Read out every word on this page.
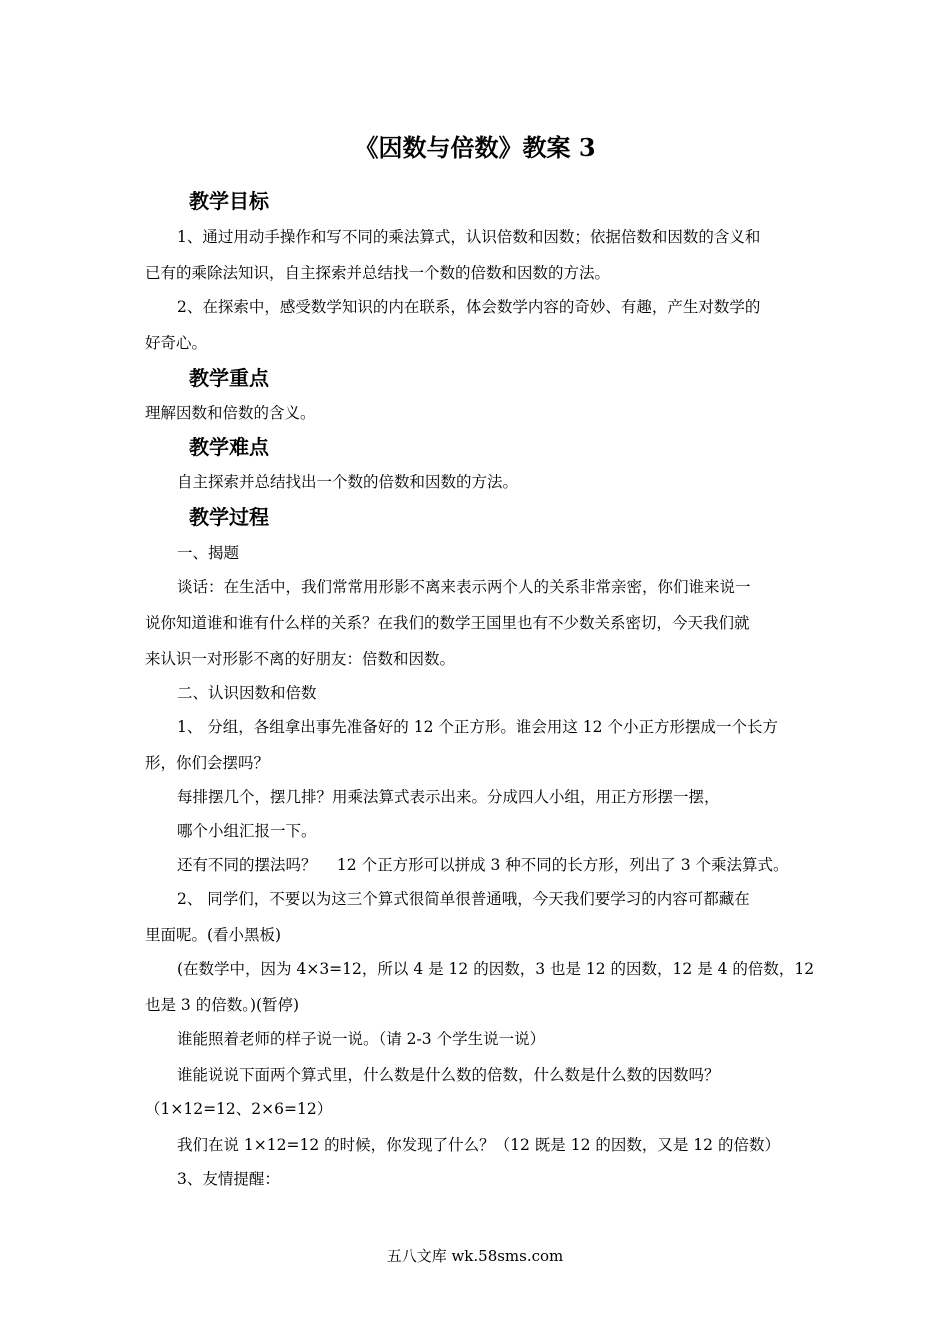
《因数与倍数》教案 3
教学目标

1、通过用动手操作和写不同的乘法算式，认识倍数和因数；依据倍数和因数的含义和

已有的乘除法知识，自主探索并总结找一个数的倍数和因数的方法。

2、在探索中，感受数学知识的内在联系，体会数学内容的奇妙、有趣，产生对数学的

好奇心。

教学重点

理解因数和倍数的含义。

教学难点

自主探索并总结找出一个数的倍数和因数的方法。

教学过程

一、揭题

谈话：在生活中，我们常常用形影不离来表示两个人的关系非常亲密，你们谁来说一

说你知道谁和谁有什么样的关系？在我们的数学王国里也有不少数关系密切，今天我们就

来认识一对形影不离的好朋友：倍数和因数。

二、认识因数和倍数

1、 分组，各组拿出事先准备好的 12 个正方形。谁会用这 12 个小正方形摆成一个长方

形，你们会摆吗？

每排摆几个，摆几排？用乘法算式表示出来。分成四人小组，用正方形摆一摆，

哪个小组汇报一下。

还有不同的摆法吗？　 12 个正方形可以拼成 3 种不同的长方形，列出了 3 个乘法算式。

2、 同学们，不要以为这三个算式很简单很普通哦，今天我们要学习的内容可都藏在

里面呢。(看小黑板)

(在数学中，因为 4×3=12，所以 4 是 12 的因数，3 也是 12 的因数，12 是 4 的倍数，12

也是 3 的倍数。)(暂停)

谁能照着老师的样子说一说。（请 2-3 个学生说一说）

谁能说说下面两个算式里，什么数是什么数的倍数，什么数是什么数的因数吗？

（1×12=12、2×6=12）

我们在说 1×12=12 的时候，你发现了什么？（12 既是 12 的因数，又是 12 的倍数）

3、友情提醒：

五八文库 wk.58sms.com
